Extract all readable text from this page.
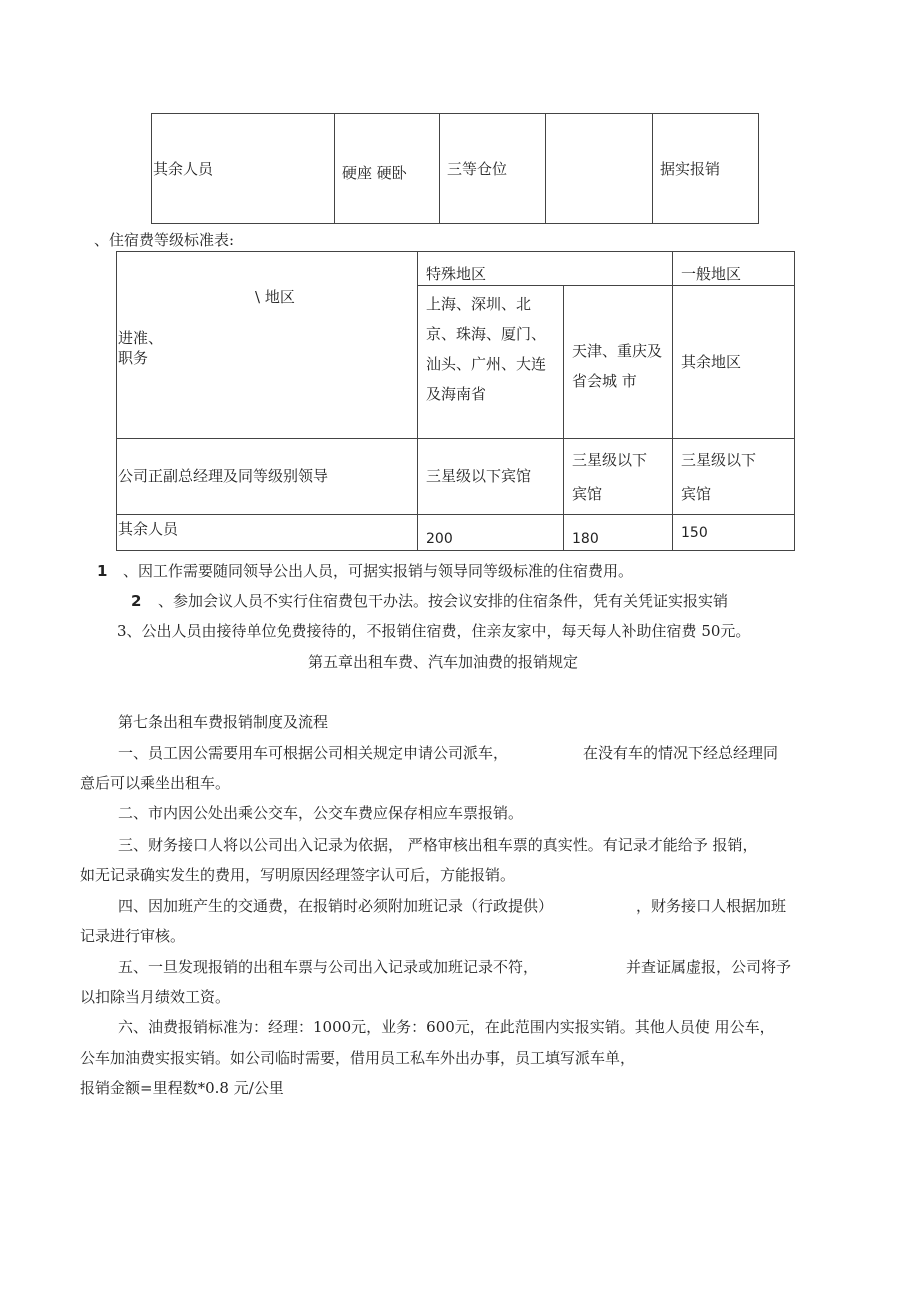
其余人员	硬座 硬卧	三等仓位		据实报销
、住宿费等级标准表:
\ 地区
进准、
职务	特殊地区		一般地区

	上海、深圳、北京、珠海、厦门、汕头、广州、大连及海南省	天津、重庆及省会城 市	其余地区

公司正副总经理及同等级别领导	三星级以下宾馆	三星级以下宾馆	三星级以下宾馆

其余人员	200	180	150
1 、因工作需要随同领导公出人员，可据实报销与领导同等级标准的住宿费用。
2 、参加会议人员不实行住宿费包干办法。按会议安排的住宿条件，凭有关凭证实报实销
3、公出人员由接待单位免费接待的，不报销住宿费，住亲友家中，每天每人补助住宿费 50元。
第五章出租车费、汽车加油费的报销规定
第七条出租车费报销制度及流程
一、员工因公需要用车可根据公司相关规定申请公司派车，	在没有车的情况下经总经理同
意后可以乘坐出租车。
二、市内因公处出乘公交车，公交车费应保存相应车票报销。
三、财务接口人将以公司出入记录为依据， 严格审核出租车票的真实性。有记录才能给予 报销，
如无记录确实发生的费用，写明原因经理签字认可后，方能报销。
四、因加班产生的交通费，在报销时必须附加班记录（行政提供）	，财务接口人根据加班
记录进行审核。
五、一旦发现报销的出租车票与公司出入记录或加班记录不符，	并查证属虚报，公司将予
以扣除当月绩效工资。
六、油费报销标准为：经理：1000元，业务：600元，在此范围内实报实销。其他人员使 用公车，
公车加油费实报实销。如公司临时需要，借用员工私车外出办事，员工填写派车单，
报销金额=里程数*0.8 元/公里
